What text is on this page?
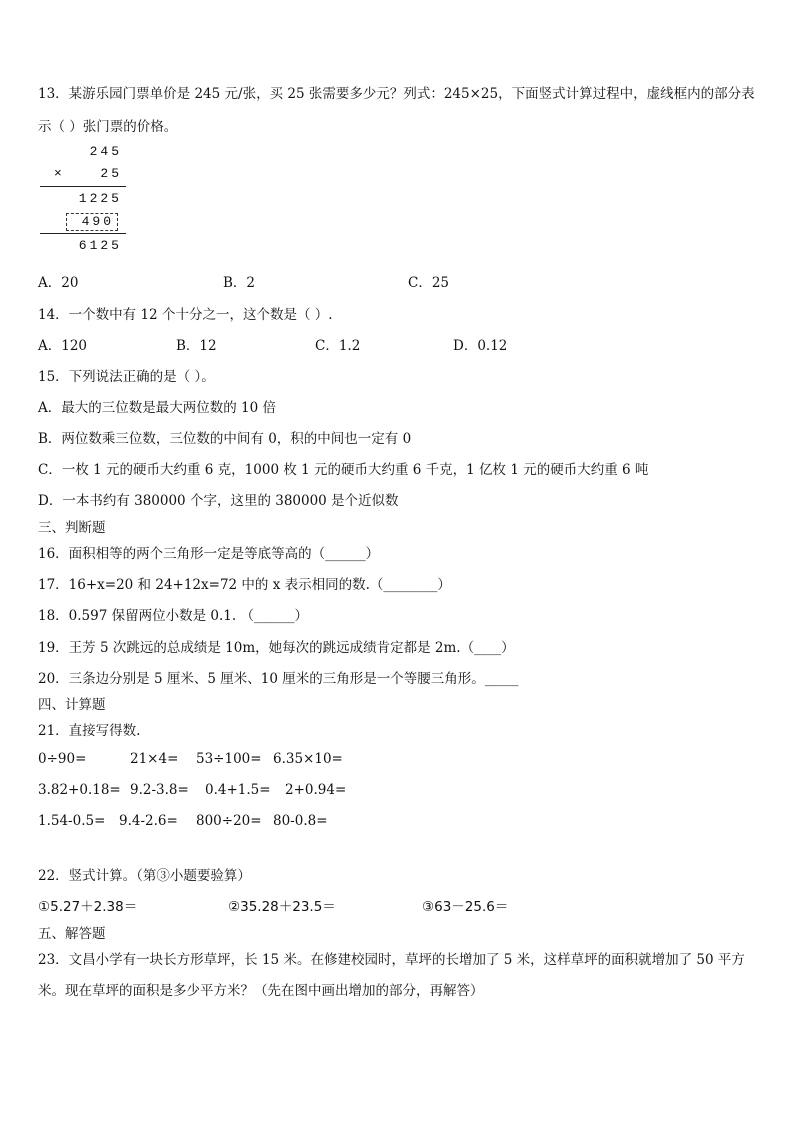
13．某游乐园门票单价是 245 元/张，买 25 张需要多少元？列式：245×25，下面竖式计算过程中，虚线框内的部分表
示（ ）张门票的价格。
245
×	25
1225
490
6125
A．20	B．2	C．25
14．一个数中有 12 个十分之一，这个数是（ ）.
A．120	B．12	C．1.2	D．0.12
15．下列说法正确的是（ ）。
A．最大的三位数是最大两位数的 10 倍
B．两位数乘三位数，三位数的中间有 0，积的中间也一定有 0
C．一枚 1 元的硬币大约重 6 克，1000 枚 1 元的硬币大约重 6 千克，1 亿枚 1 元的硬币大约重 6 吨
D．一本书约有 380000 个字，这里的 380000 是个近似数
三、判断题
16．面积相等的两个三角形一定是等底等高的（______）
17．16+x=20 和 24+12x=72 中的 x 表示相同的数.（________）
18．0.597 保留两位小数是 0.1. （______）
19．王芳 5 次跳远的总成绩是 10m，她每次的跳远成绩肯定都是 2m.（____）
20．三条边分别是 5 厘米、5 厘米、10 厘米的三角形是一个等腰三角形。_____
四、计算题
21．直接写得数.
0÷90=	21×4= 53÷100= 6.35×10=
3.82+0.18= 9.2-3.8= 0.4+1.5= 2+0.94=
1.54-0.5= 9.4-2.6= 800÷20= 80-0.8=
22．竖式计算。（第③小题要验算）
①5.27＋2.38＝	②35.28＋23.5＝	③63－25.6＝
五、解答题
23．文昌小学有一块长方形草坪，长 15 米。在修建校园时，草坪的长增加了 5 米，这样草坪的面积就增加了 50 平方
米。现在草坪的面积是多少平方米？（先在图中画出增加的部分，再解答）
